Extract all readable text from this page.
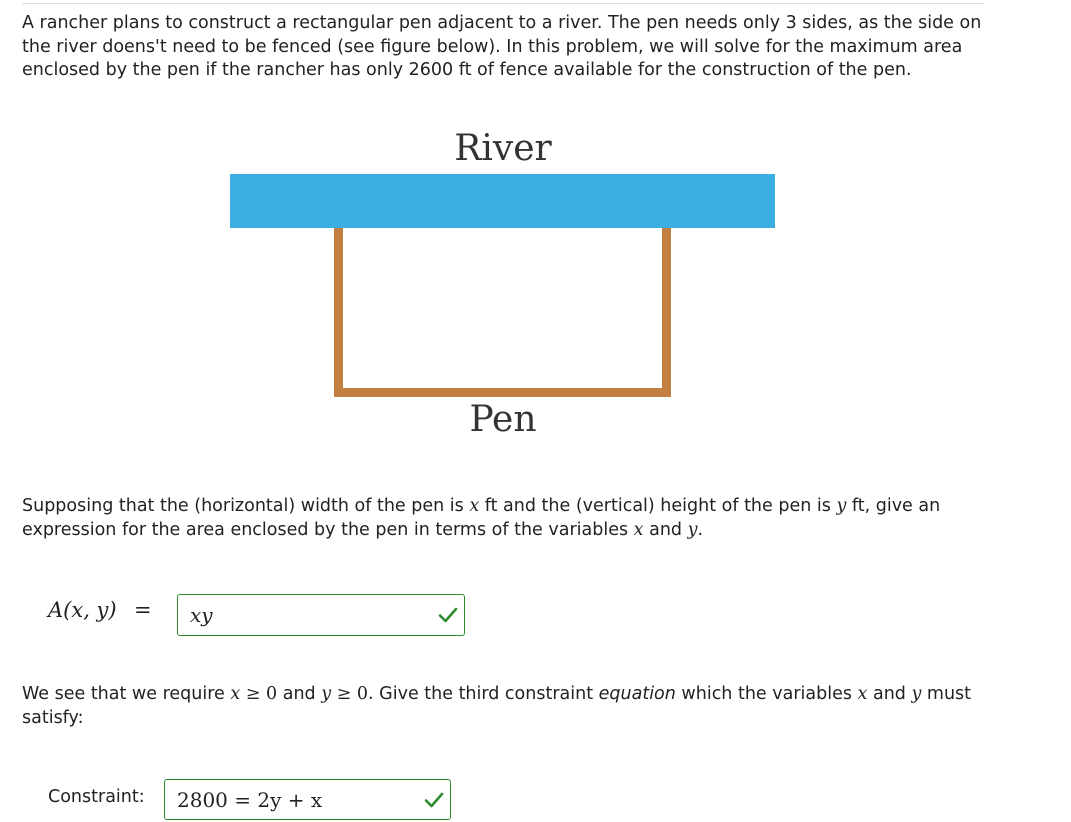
A rancher plans to construct a rectangular pen adjacent to a river. The pen needs only 3 sides, as the side on the river doens't need to be fenced (see figure below). In this problem, we will solve for the maximum area enclosed by the pen if the rancher has only 2600 ft of fence available for the construction of the pen.
River
Pen
Supposing that the (horizontal) width of the pen is x ft and the (vertical) height of the pen is y ft, give an expression for the area enclosed by the pen in terms of the variables x and y.
A(x, y) = xy
We see that we require x ≥ 0 and y ≥ 0. Give the third constraint equation which the variables x and y must satisfy:
Constraint: 2800 = 2y + x
